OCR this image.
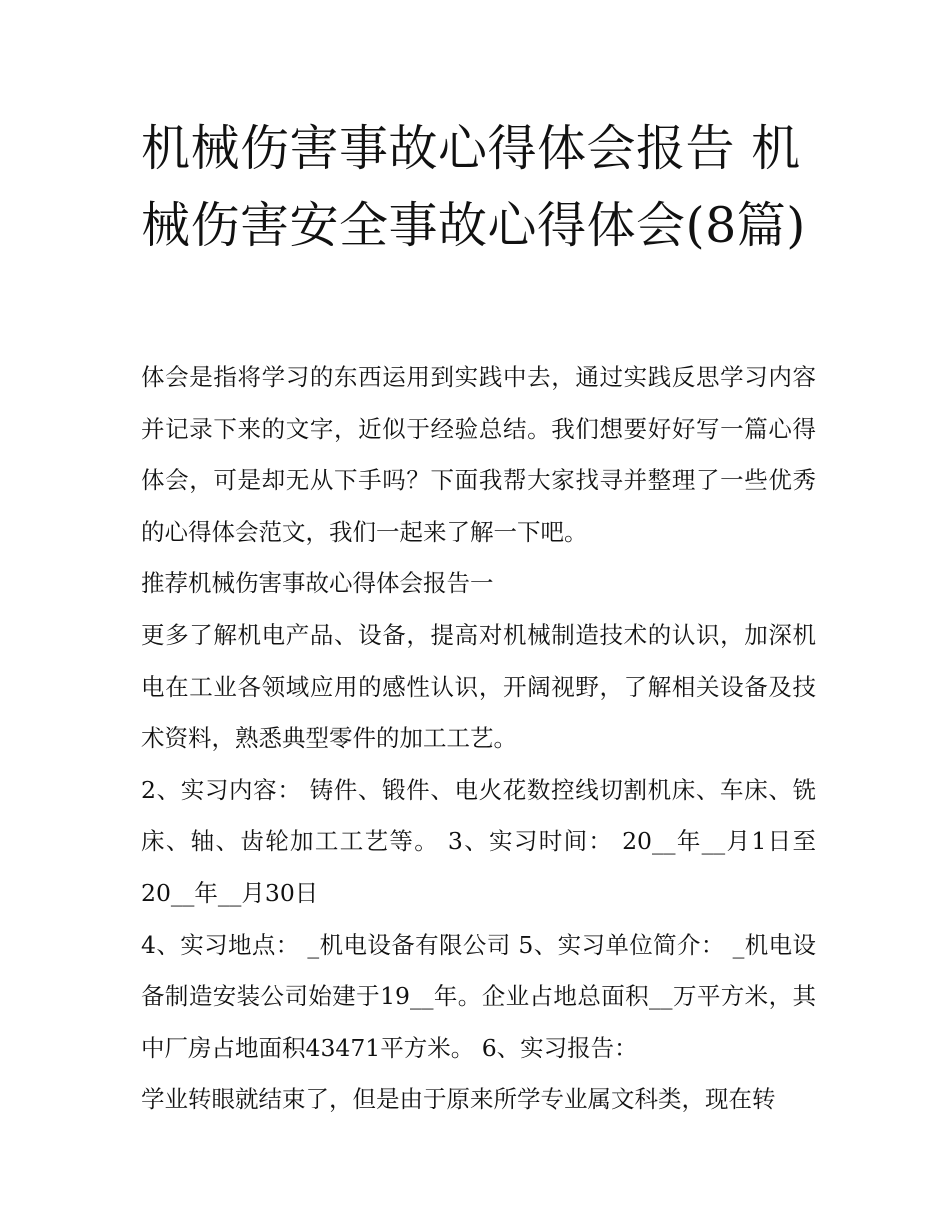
机械伤害事故心得体会报告 机械伤害安全事故心得体会(8篇)

体会是指将学习的东西运用到实践中去，通过实践反思学习内容并记录下来的文字，近似于经验总结。我们想要好好写一篇心得体会，可是却无从下手吗？下面我帮大家找寻并整理了一些优秀的心得体会范文，我们一起来了解一下吧。

推荐机械伤害事故心得体会报告一

更多了解机电产品、设备，提高对机械制造技术的认识，加深机电在工业各领域应用的感性认识，开阔视野，了解相关设备及技术资料，熟悉典型零件的加工工艺。

2、实习内容： 铸件、锻件、电火花数控线切割机床、车床、铣床、轴、齿轮加工工艺等。 3、实习时间： 20__年__月1日至20__年__月30日

4、实习地点： _机电设备有限公司 5、实习单位简介： _机电设备制造安装公司始建于19__年。企业占地总面积__万平方米，其中厂房占地面积43471平方米。 6、实习报告：

学业转眼就结束了，但是由于原来所学专业属文科类，现在转
